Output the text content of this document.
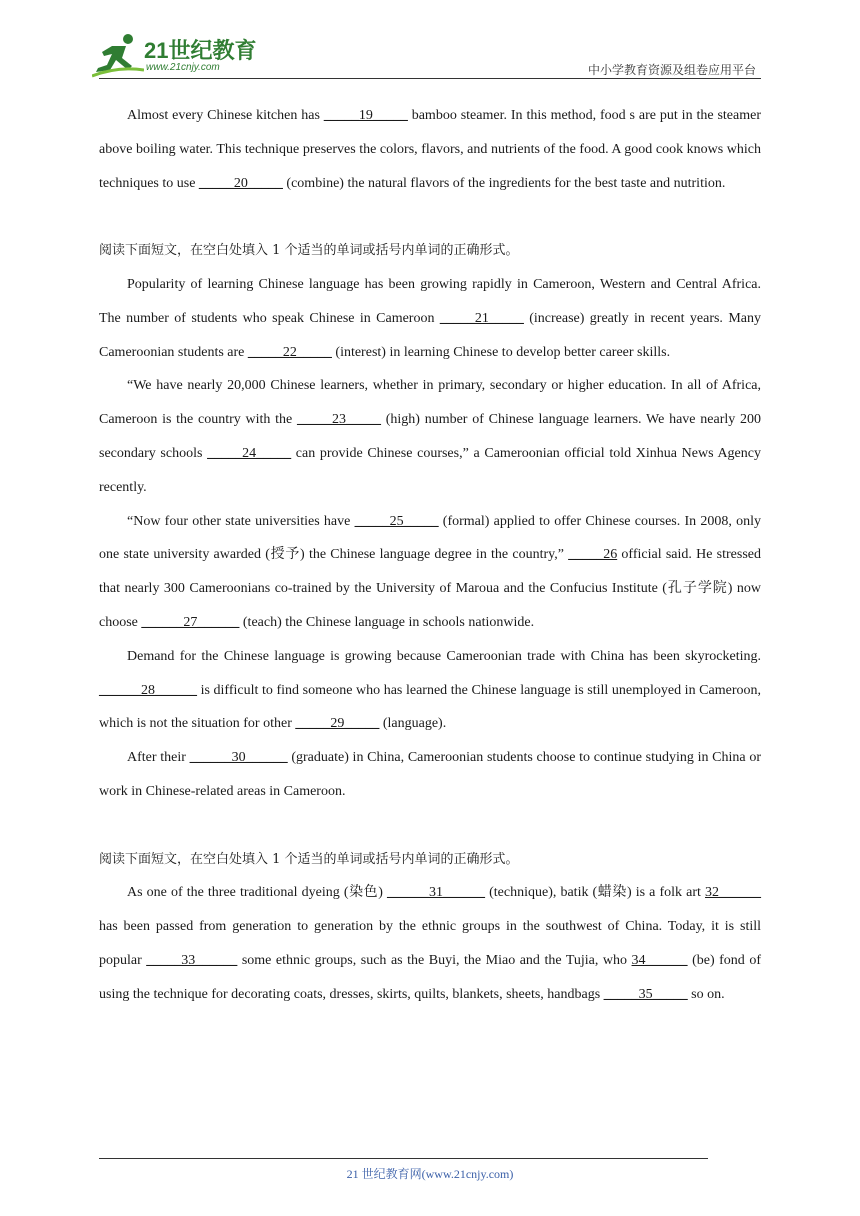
21世纪教育
www.21cnjy.com	中小学教育资源及组卷应用平台

Almost every Chinese kitchen has _____19_____ bamboo steamer. In this method, food s are put in the steamer above boiling water. This technique preserves the colors, flavors, and nutrients of the food. A good cook knows which techniques to use _____20_____ (combine) the natural flavors of the ingredients for the best taste and nutrition.

阅读下面短文，在空白处填入 1 个适当的单词或括号内单词的正确形式。

Popularity of learning Chinese language has been growing rapidly in Cameroon, Western and Central Africa. The number of students who speak Chinese in Cameroon _____21_____ (increase) greatly in recent years. Many Cameroonian students are _____22_____ (interest) in learning Chinese to develop better career skills.

“We have nearly 20,000 Chinese learners, whether in primary, secondary or higher education. In all of Africa, Cameroon is the country with the _____23_____ (high) number of Chinese language learners. We have nearly 200 secondary schools _____24_____ can provide Chinese courses,” a Cameroonian official told Xinhua News Agency recently.

“Now four other state universities have _____25_____ (formal) applied to offer Chinese courses. In 2008, only one state university awarded (授予) the Chinese language degree in the country,” _____26 official said. He stressed that nearly 300 Cameroonians co-trained by the University of Maroua and the Confucius Institute (孔子学院) now choose ______27______ (teach) the Chinese language in schools nationwide.

Demand for the Chinese language is growing because Cameroonian trade with China has been skyrocketing. ______28______ is difficult to find someone who has learned the Chinese language is still unemployed in Cameroon, which is not the situation for other _____29_____ (language).

After their ______30______ (graduate) in China, Cameroonian students choose to continue studying in China or work in Chinese-related areas in Cameroon.

阅读下面短文，在空白处填入 1 个适当的单词或括号内单词的正确形式。

As one of the three traditional dyeing (染色) ______31______ (technique), batik (蜡染) is a folk art 32______ has been passed from generation to generation by the ethnic groups in the southwest of China. Today, it is still popular _____33______ some ethnic groups, such as the Buyi, the Miao and the Tujia, who 34______ (be) fond of using the technique for decorating coats, dresses, skirts, quilts, blankets, sheets, handbags _____35_____ so on.

21 世纪教育网(www.21cnjy.com)
